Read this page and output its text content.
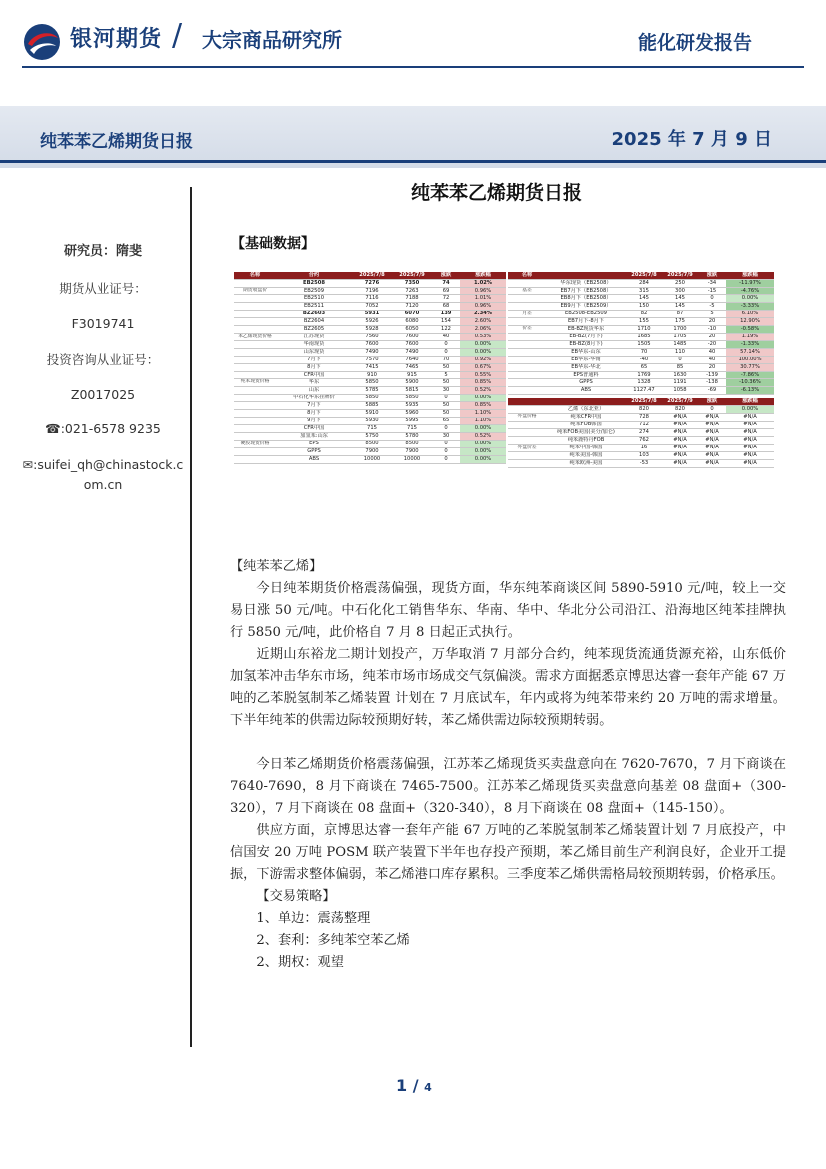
银河期货 / 大宗商品研究所	能化研发报告
纯苯苯乙烯期货日报	2025 年 7 月 9 日
纯苯苯乙烯期货日报
研究员：隋斐
期货从业证号：
F3019741
投资咨询从业证号：
Z0017025
☎:021-6578 9235
✉:suifei_qh@chinastock.com.cn
【基础数据】
名称	合约	2025/7/8	2025/7/9	涨跌	涨跌幅
	EB2508	7276	7350	74	1.02%
期货收盘价	EB2509	7196	7263	69	0.96%
	EB2510	7116	7188	72	1.01%
	EB2511	7052	7120	68	0.96%
	BZ2603	5931	6070	139	2.34%
	BZ2604	5926	6080	154	2.60%
	BZ2605	5928	6050	122	2.06%
苯乙烯现货价格	江苏现货	7560	7600	40	0.53%
	华南现货	7600	7600	0	0.00%
	山东现货	7490	7490	0	0.00%
	7月下	7570	7640	70	0.92%
	8月下	7415	7465	50	0.67%
	CFR中国	910	915	5	0.55%
纯苯现货价格	华东	5850	5900	50	0.85%
	山东	5785	5815	30	0.52%
	中石化华东挂牌价	5850	5850	0	0.00%
	7月下	5885	5935	50	0.85%
	8月下	5910	5960	50	1.10%
	9月下	5930	5995	65	1.10%
	CFR中国	715	715	0	0.00%
	加氢苯:山东	5750	5780	30	0.52%
硬胶现货价格	EPS	8500	8500	0	0.00%
	GPPS	7900	7900	0	0.00%
	ABS	10000	10000	0	0.00%
名称		2025/7/8	2025/7/9	涨跌	涨跌幅
	华东现货（EB2508）	284	250	-34	-11.97%
基差	EB7月下（EB2508）	315	300	-15	-4.76%
	EB8月下（EB2508）	145	145	0	0.00%
	EB9月下（EB2509）	150	145	-5	-3.33%
月差	EB2508-EB2509	82	87	5	6.10%
	EB7月下-8月下	155	175	20	12.90%
价差	EB-BZ现货华东	1710	1700	-10	-0.58%
	EB-BZ(7月下)	1685	1705	20	1.19%
	EB-BZ(8月下)	1505	1485	-20	-1.33%
	EB华东-山东	70	110	40	57.14%
	EB华东-华南	-40	0	40	100.00%
	EB华东-华北	65	85	20	30.77%
	EPS普通料	1769	1630	-139	-7.86%
	GPPS	1328	1191	-138	-10.36%
	ABS	1127.47	1058	-69	-6.13%

		2025/7/8	2025/7/9	涨跌	涨跌幅
	乙烯（东北亚）	820	820	0	0.00%
外盘价格	纯苯CFR中国	728	#N/A	#N/A	#N/A
	纯苯FOB韩国	712	#N/A	#N/A	#N/A
	纯苯FOB美国(美分/加仑)	274	#N/A	#N/A	#N/A
	纯苯鹿特丹FOB	762	#N/A	#N/A	#N/A
外盘价差	纯苯中国-韩国	16	#N/A	#N/A	#N/A
	纯苯美国-韩国	103	#N/A	#N/A	#N/A
	纯苯欧洲-美国	-53	#N/A	#N/A	#N/A

【纯苯苯乙烯】

今日纯苯期货价格震荡偏强，现货方面，华东纯苯商谈区间 5890-5910 元/吨，较上一交易日涨 50 元/吨。中石化化工销售华东、华南、华中、华北分公司沿江、沿海地区纯苯挂牌执行 5850 元/吨，此价格自 7 月 8 日起正式执行。

近期山东裕龙二期计划投产，万华取消 7 月部分合约，纯苯现货流通货源充裕，山东低价加氢苯冲击华东市场，纯苯市场市场成交气氛偏淡。需求方面据悉京博思达睿一套年产能 67 万吨的乙苯脱氢制苯乙烯装置 计划在 7 月底试车，年内或将为纯苯带来约 20 万吨的需求增量。下半年纯苯的供需边际较预期好转，苯乙烯供需边际较预期转弱。

今日苯乙烯期货价格震荡偏强，江苏苯乙烯现货买卖盘意向在 7620-7670，7 月下商谈在 7640-7690，8 月下商谈在 7465-7500。江苏苯乙烯现货买卖盘意向基差 08 盘面+（300-320），7 月下商谈在 08 盘面+（320-340），8 月下商谈在 08 盘面+（145-150）。

供应方面，京博思达睿一套年产能 67 万吨的乙苯脱氢制苯乙烯装置计划 7 月底投产，中信国安 20 万吨 POSM 联产装置下半年也存投产预期，苯乙烯目前生产利润良好，企业开工提振，下游需求整体偏弱，苯乙烯港口库存累积。三季度苯乙烯供需格局较预期转弱，价格承压。

【交易策略】

1、单边：震荡整理

2、套利：多纯苯空苯乙烯

2、期权：观望

1 / 4
